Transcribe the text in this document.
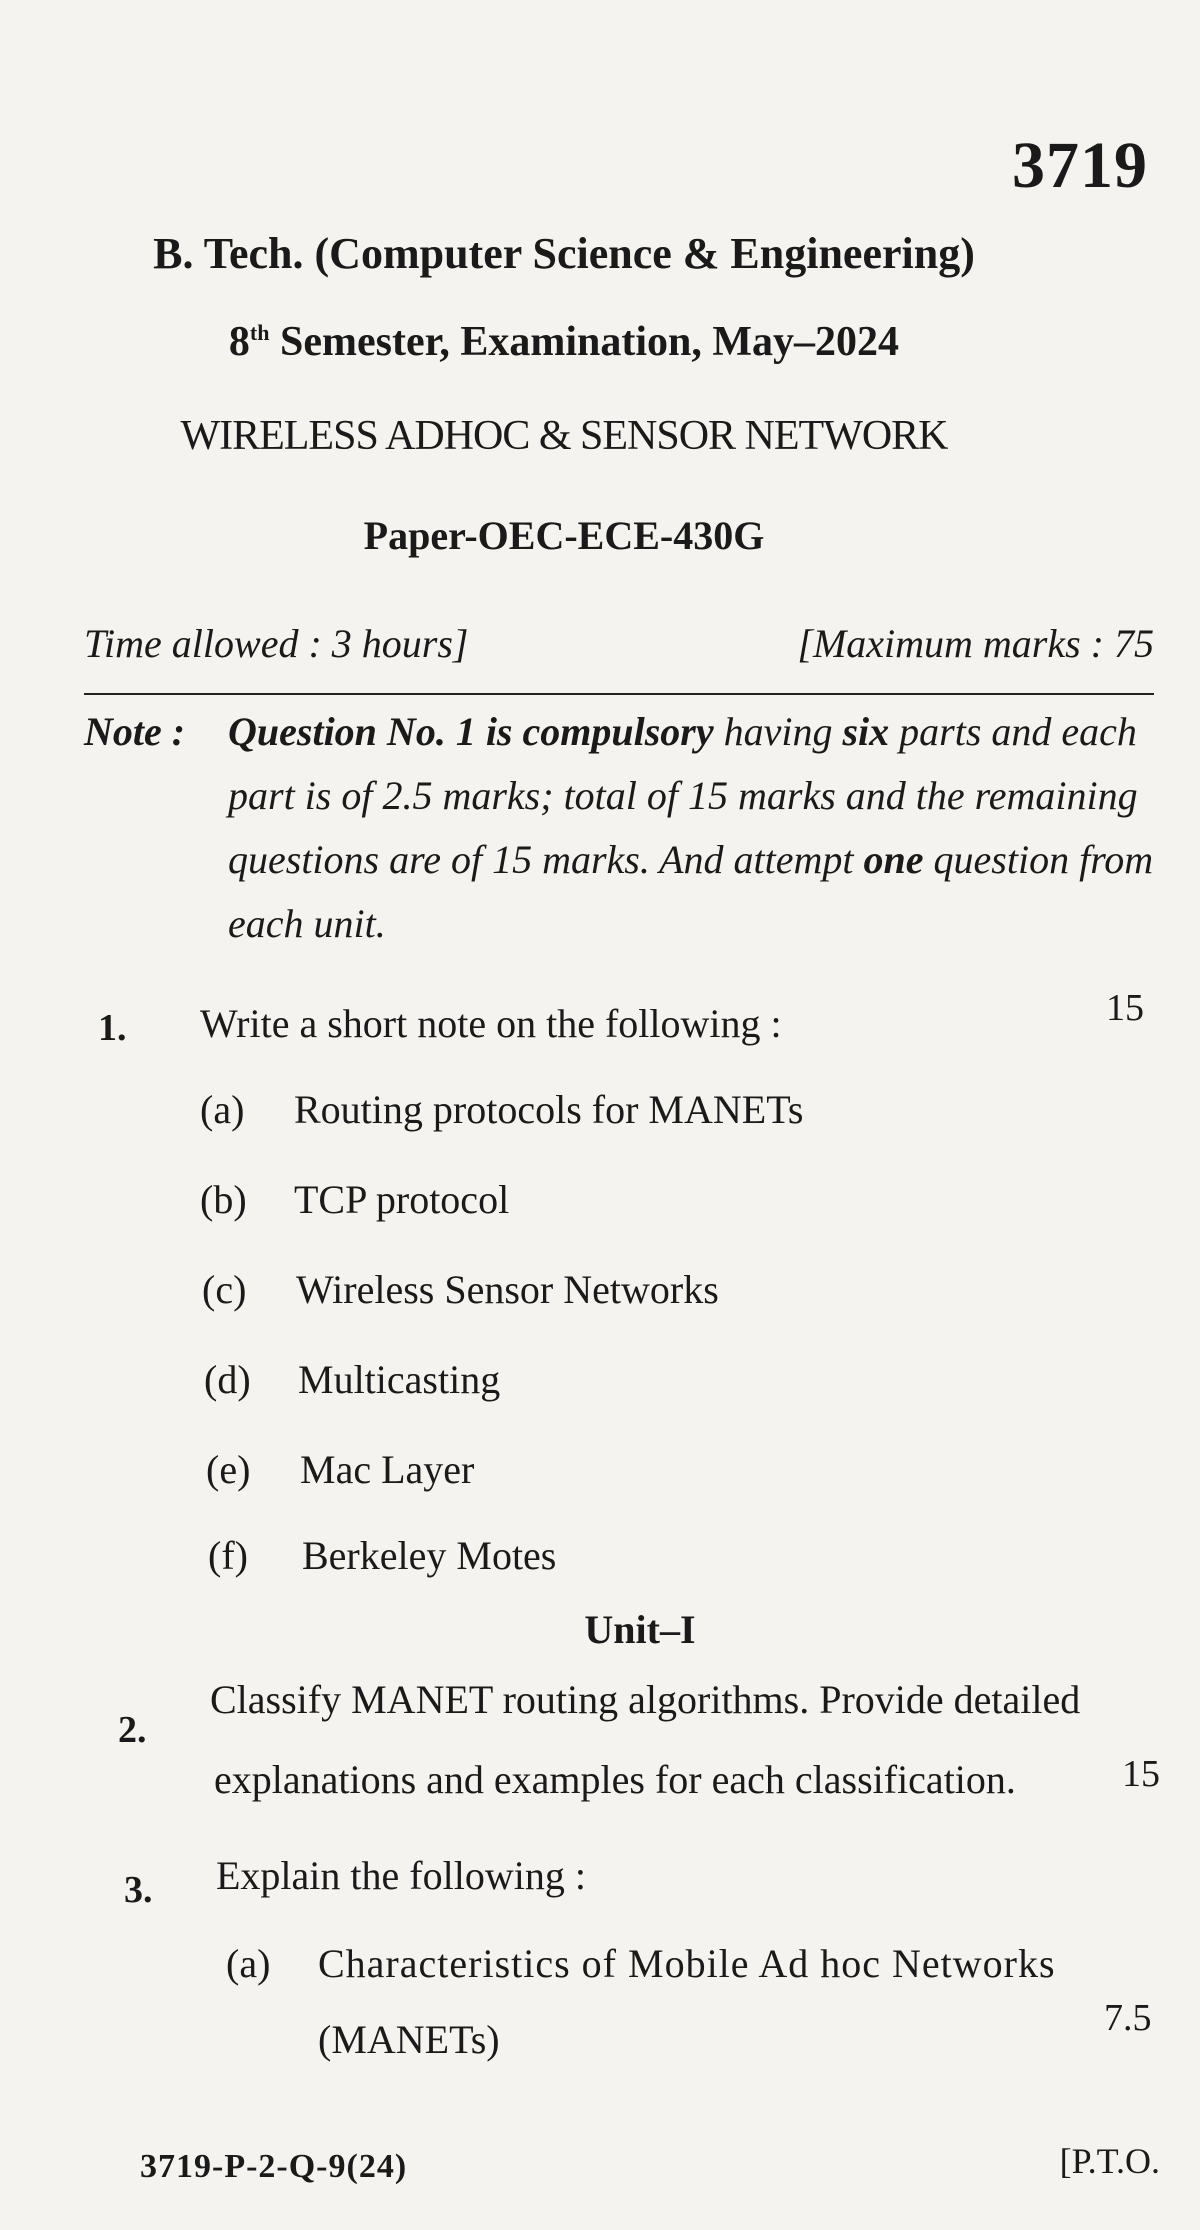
3719
B. Tech. (Computer Science & Engineering)
8th Semester, Examination, May–2024
WIRELESS ADHOC & SENSOR NETWORK
Paper-OEC-ECE-430G
Time allowed : 3 hours]	[Maximum marks : 75
Note : Question No. 1 is compulsory having six parts and each part is of 2.5 marks; total of 15 marks and the remaining questions are of 15 marks. And attempt one question from each unit.
1. Write a short note on the following :	15
(a) Routing protocols for MANETs
(b) TCP protocol
(c) Wireless Sensor Networks
(d) Multicasting
(e) Mac Layer
(f) Berkeley Motes
Unit–I
2.
Classify MANET routing algorithms. Provide detailed
explanations and examples for each classification.	15
3. Explain the following :
(a) Characteristics of Mobile Ad hoc Networks
(MANETs)	7.5
3719-P-2-Q-9(24)	[P.T.O.
